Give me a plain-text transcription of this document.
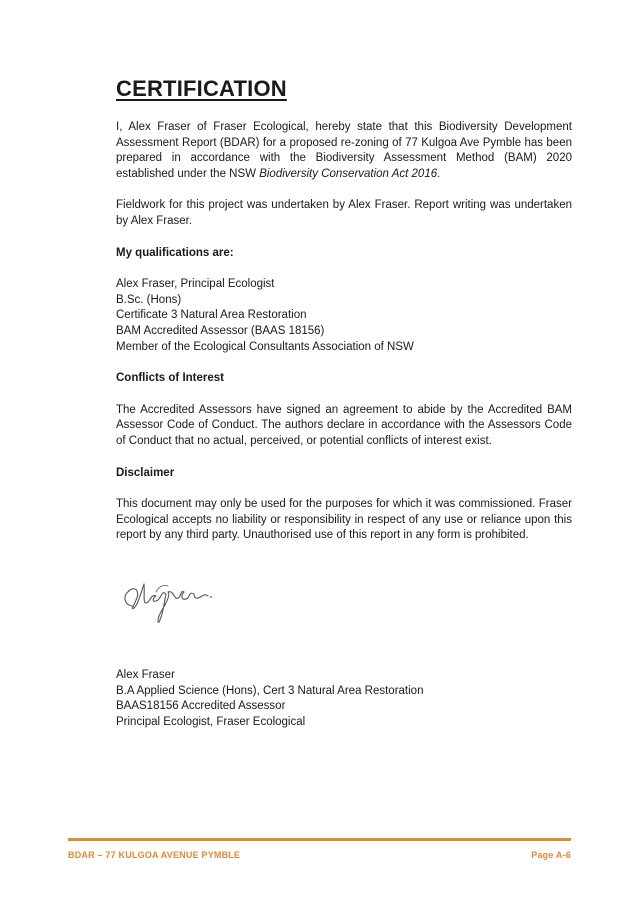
CERTIFICATION

I, Alex Fraser of Fraser Ecological, hereby state that this Biodiversity Development Assessment Report (BDAR) for a proposed re-zoning of 77 Kulgoa Ave Pymble has been prepared in accordance with the Biodiversity Assessment Method (BAM) 2020 established under the NSW Biodiversity Conservation Act 2016.

Fieldwork for this project was undertaken by Alex Fraser. Report writing was undertaken by Alex Fraser.

My qualifications are:

Alex Fraser, Principal Ecologist
B.Sc. (Hons)
Certificate 3 Natural Area Restoration
BAM Accredited Assessor (BAAS 18156)
Member of the Ecological Consultants Association of NSW

Conflicts of Interest

The Accredited Assessors have signed an agreement to abide by the Accredited BAM Assessor Code of Conduct. The authors declare in accordance with the Assessors Code of Conduct that no actual, perceived, or potential conflicts of interest exist.

Disclaimer

This document may only be used for the purposes for which it was commissioned. Fraser Ecological accepts no liability or responsibility in respect of any use or reliance upon this report by any third party. Unauthorised use of this report in any form is prohibited.

Alex Fraser
B.A Applied Science (Hons), Cert 3 Natural Area Restoration
BAAS18156 Accredited Assessor
Principal Ecologist, Fraser Ecological
BDAR – 77 KULGOA AVENUE PYMBLE	Page A-6
